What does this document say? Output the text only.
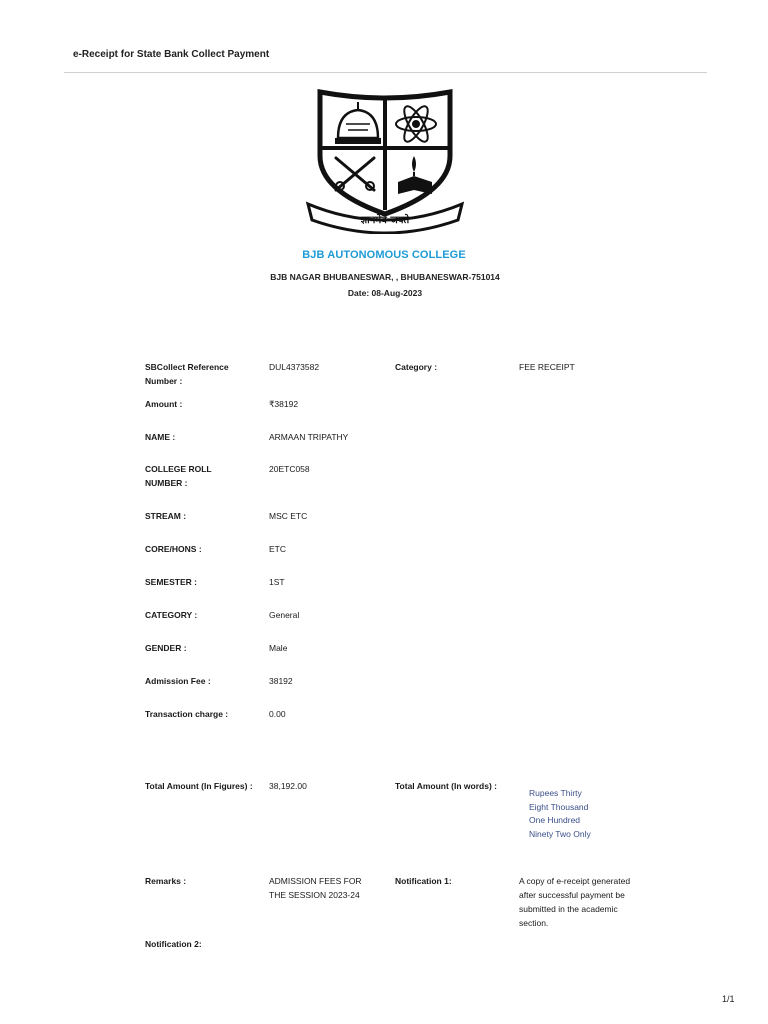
e-Receipt for State Bank Collect Payment
ज्ञानमेव जयते
BJB AUTONOMOUS COLLEGE
BJB NAGAR BHUBANESWAR, , BHUBANESWAR-751014
Date: 08-Aug-2023
SBCollect Reference Number :
DUL4373582	Category :	FEE RECEIPT
Amount :	₹38192
NAME :	ARMAAN TRIPATHY
COLLEGE ROLL NUMBER :
20ETC058
STREAM :	MSC ETC
CORE/HONS :	ETC
SEMESTER :	1ST
CATEGORY :	General
GENDER :	Male
Admission Fee :	38192
Transaction charge :	0.00
Total Amount (In Figures) : 38,192.00	Total Amount (In words) :
Rupees Thirty Eight Thousand One Hundred Ninety Two Only
Remarks :	ADMISSION FEES FOR THE SESSION 2023-24
Notification 1:	A copy of e-receipt generated after successful payment be submitted in the academic section.
Notification 2:
1/1
